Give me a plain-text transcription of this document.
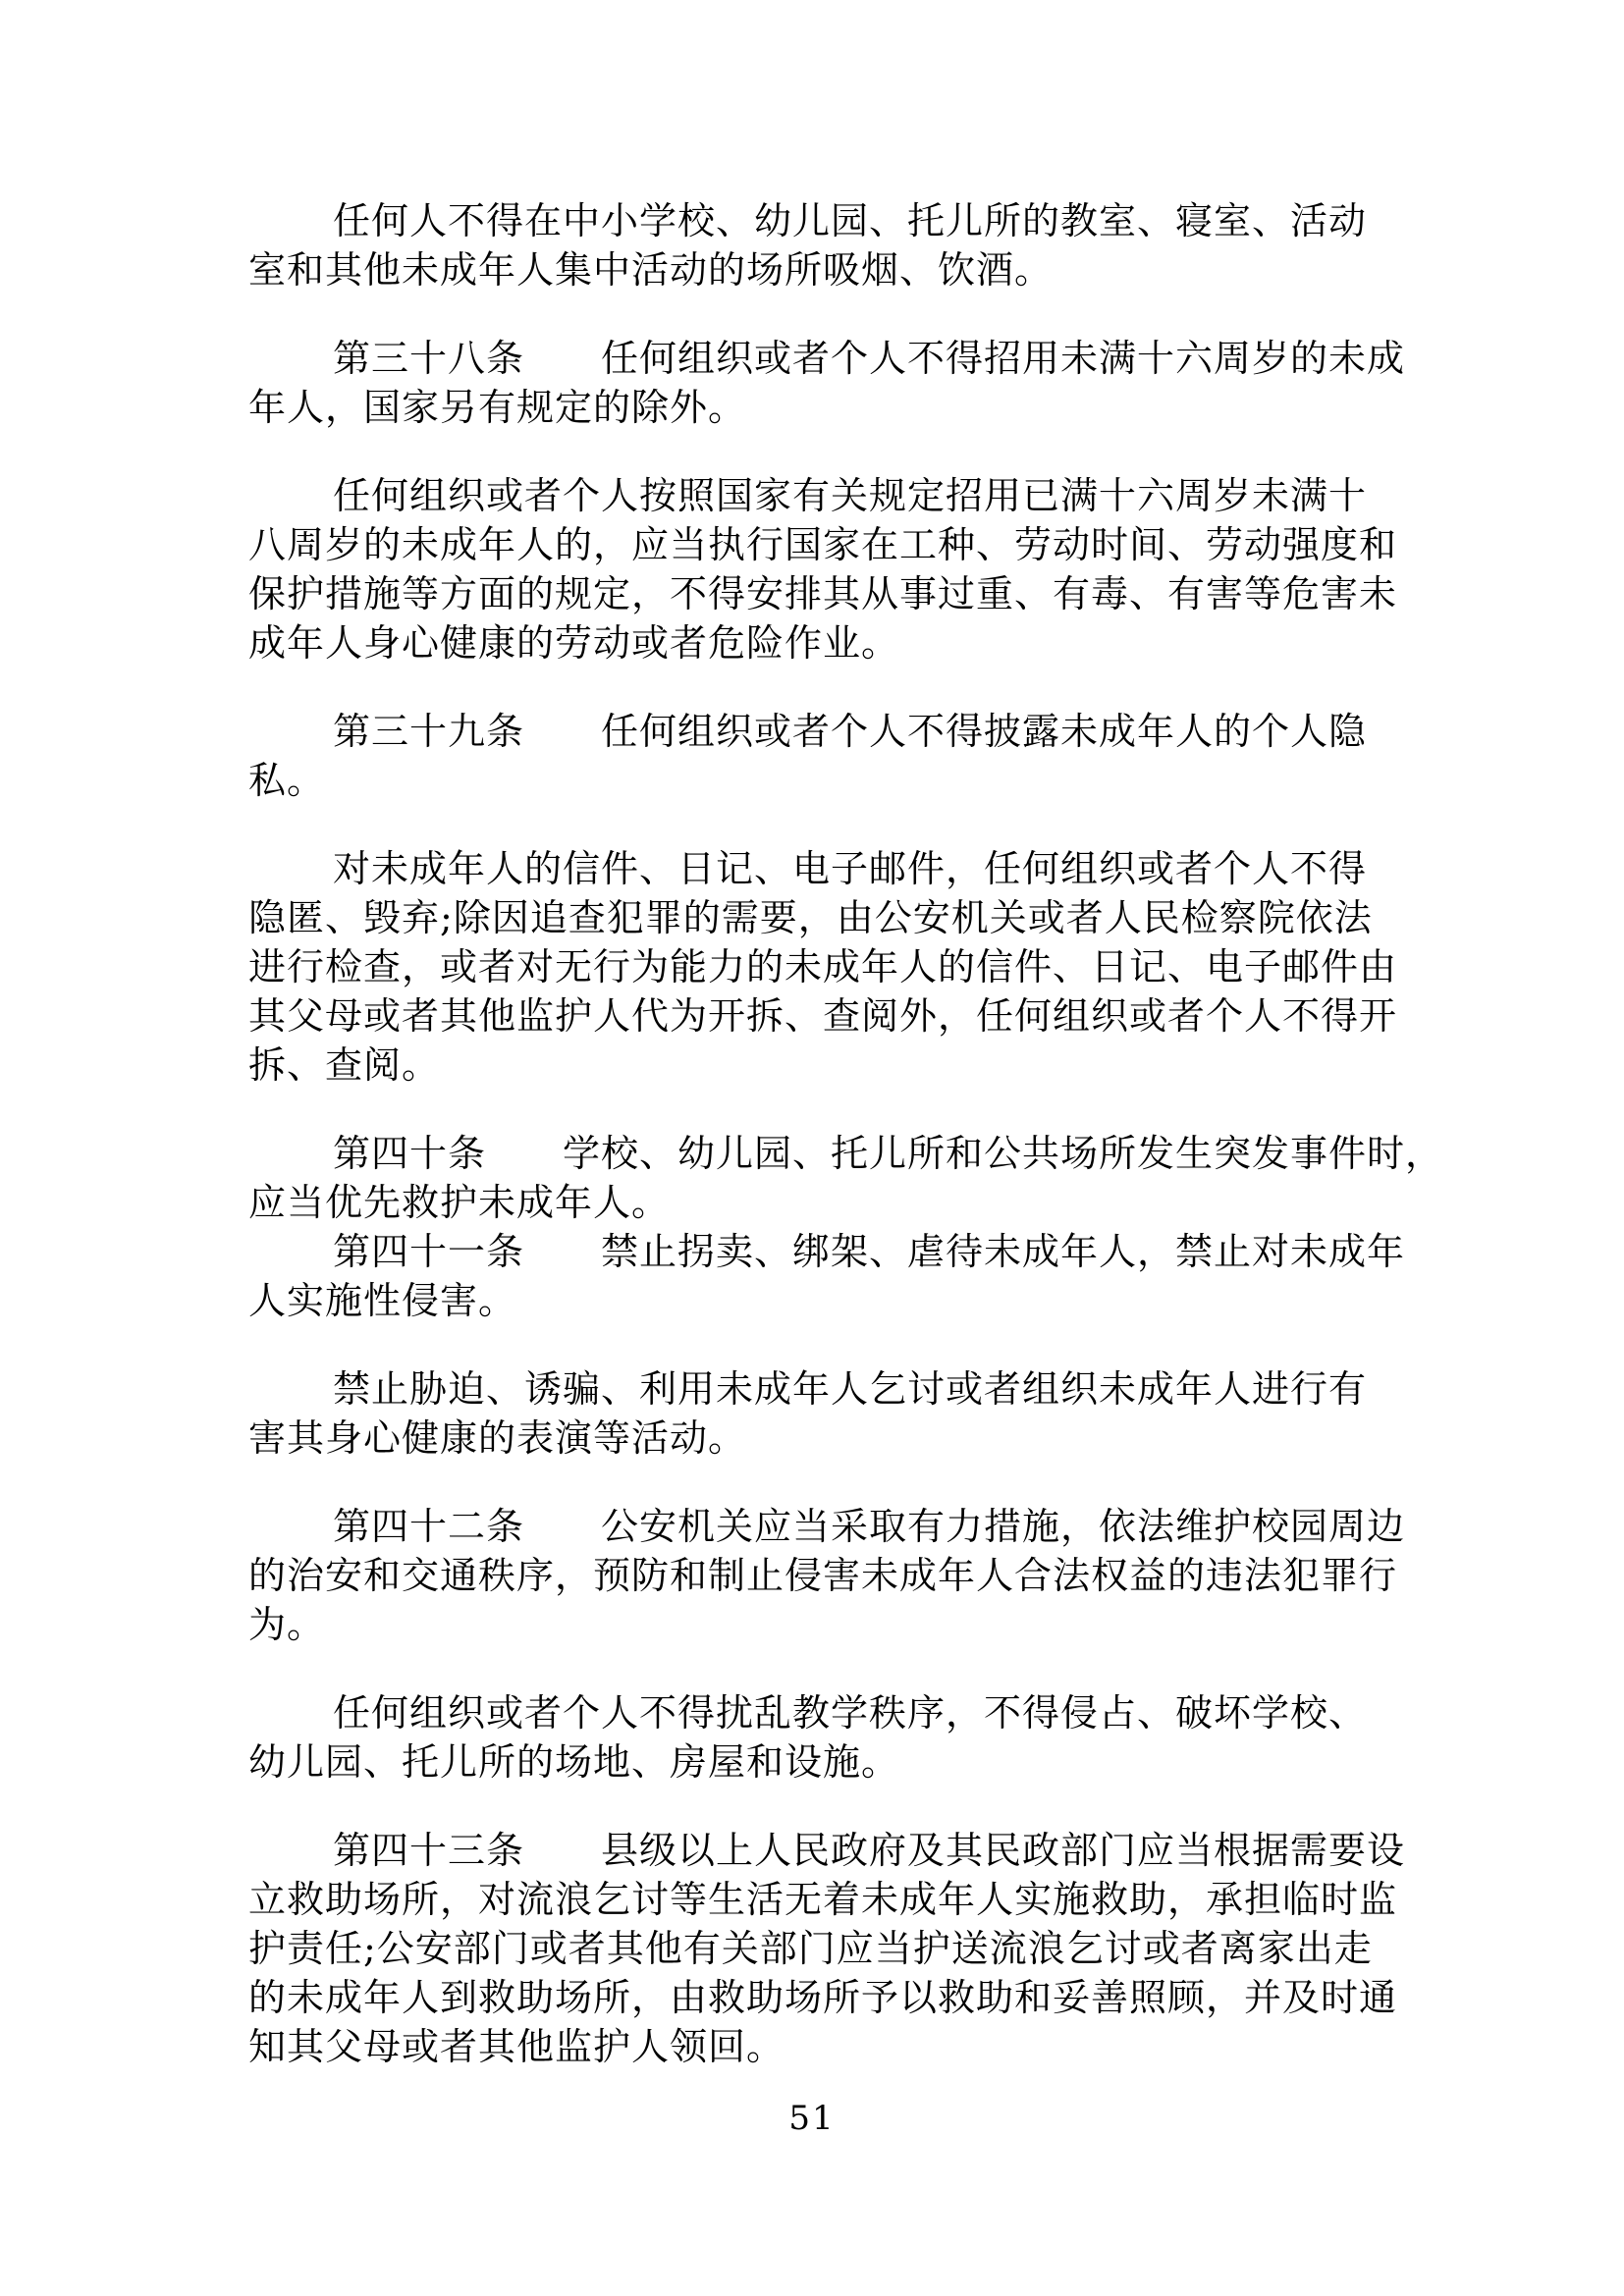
任何人不得在中小学校、幼儿园、托儿所的教室、寝室、活动
室和其他未成年人集中活动的场所吸烟、饮酒。
第三十八条　　任何组织或者个人不得招用未满十六周岁的未成
年人，国家另有规定的除外。
任何组织或者个人按照国家有关规定招用已满十六周岁未满十
八周岁的未成年人的，应当执行国家在工种、劳动时间、劳动强度和
保护措施等方面的规定，不得安排其从事过重、有毒、有害等危害未
成年人身心健康的劳动或者危险作业。
第三十九条　　任何组织或者个人不得披露未成年人的个人隐
私。
对未成年人的信件、日记、电子邮件，任何组织或者个人不得
隐匿、毁弃;除因追查犯罪的需要，由公安机关或者人民检察院依法
进行检查，或者对无行为能力的未成年人的信件、日记、电子邮件由
其父母或者其他监护人代为开拆、查阅外，任何组织或者个人不得开
拆、查阅。
第四十条　　学校、幼儿园、托儿所和公共场所发生突发事件时，
应当优先救护未成年人。
第四十一条　　禁止拐卖、绑架、虐待未成年人，禁止对未成年
人实施性侵害。
禁止胁迫、诱骗、利用未成年人乞讨或者组织未成年人进行有
害其身心健康的表演等活动。
第四十二条　　公安机关应当采取有力措施，依法维护校园周边
的治安和交通秩序，预防和制止侵害未成年人合法权益的违法犯罪行
为。
任何组织或者个人不得扰乱教学秩序，不得侵占、破坏学校、
幼儿园、托儿所的场地、房屋和设施。
第四十三条　　县级以上人民政府及其民政部门应当根据需要设
立救助场所，对流浪乞讨等生活无着未成年人实施救助，承担临时监
护责任;公安部门或者其他有关部门应当护送流浪乞讨或者离家出走
的未成年人到救助场所，由救助场所予以救助和妥善照顾，并及时通
知其父母或者其他监护人领回。
51
